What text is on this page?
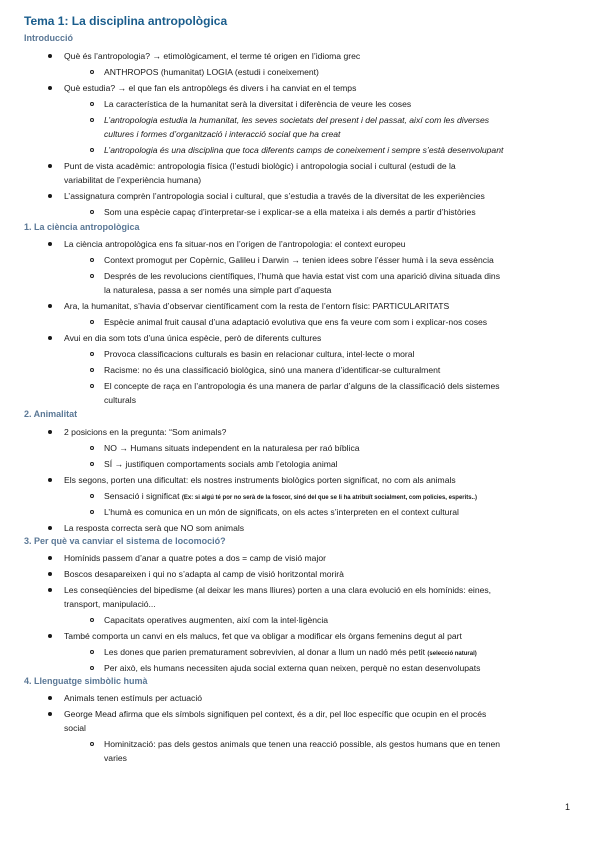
Tema 1: La disciplina antropològica
Introducció
Què és l’antropologia? → etimològicament, el terme té origen en l’idioma grec
ANTHROPOS (humanitat) LOGIA (estudi i coneixement)
Què estudia? → el que fan els antropòlegs és divers i ha canviat en el temps
La característica de la humanitat serà la diversitat i diferència de veure les coses
L’antropologia estudia la humanitat, les seves societats del present i del passat, així com les diverses
cultures i formes d’organització i interacció social que ha creat
L’antropologia és una disciplina que toca diferents camps de coneixement i sempre s’està desenvolupant
Punt de vista acadèmic: antropologia física (l’estudi biològic) i antropologia social i cultural (estudi de la
variabilitat de l’experiència humana)
L’assignatura comprèn l’antropologia social i cultural, que s’estudia a través de la diversitat de les experiències
Som una espècie capaç d’interpretar-se i explicar-se a ella mateixa i als demés a partir d’històries
1. La ciència antropològica
La ciència antropològica ens fa situar-nos en l’origen de l’antropologia: el context europeu
Context promogut per Copèrnic, Galileu i Darwin → tenien idees sobre l’ésser humà i la seva essència
Després de les revolucions científiques, l’humà que havia estat vist com una aparició divina situada dins
la naturalesa, passa a ser només una simple part d’aquesta
Ara, la humanitat, s’havia d’observar científicament com la resta de l’entorn físic: PARTICULARITATS
Espècie animal fruit causal d’una adaptació evolutiva que ens fa veure com som i explicar-nos coses
Avui en dia som tots d’una única espècie, però de diferents cultures
Provoca classificacions culturals es basin en relacionar cultura, intel·lecte o moral
Racisme: no és una classificació biològica, sinó una manera d’identificar-se culturalment
El concepte de raça en l’antropologia és una manera de parlar d’alguns de la classificació dels sistemes
culturals
2. Animalitat
2 posicions en la pregunta: “Som animals?
NO → Humans situats independent en la naturalesa per raó bíblica
SÍ → justifiquen comportaments socials amb l’etologia animal
Els segons, porten una dificultat: els nostres instruments biològics porten significat, no com als animals
Sensació i significat (Ex: si algú té por no serà de la foscor, sinó del que se li ha atribuït socialment, com policies, esperits..)
L’humà es comunica en un món de significats, on els actes s’interpreten en el context cultural
La resposta correcta serà que NO som animals
3. Per què va canviar el sistema de locomoció?
Homínids passem d’anar a quatre potes a dos = camp de visió major
Boscos desapareixen i qui no s’adapta al camp de visió horitzontal morirà
Les conseqüències del bipedisme (al deixar les mans lliures) porten a una clara evolució en els homínids: eines,
transport, manipulació...
Capacitats operatives augmenten, així com la intel·ligència
També comporta un canvi en els malucs, fet que va obligar a modificar els òrgans femenins degut al part
Les dones que parien prematurament sobrevivien, al donar a llum un nadó més petit (selecció natural)
Per això, els humans necessiten ajuda social externa quan neixen, perquè no estan desenvolupats
4. Llenguatge simbòlic humà
Animals tenen estímuls per actuació
George Mead afirma que els símbols signifiquen pel context, és a dir, pel lloc específic que ocupin en el procés
social
Hominització: pas dels gestos animals que tenen una reacció possible, als gestos humans que en tenen
varies
1
